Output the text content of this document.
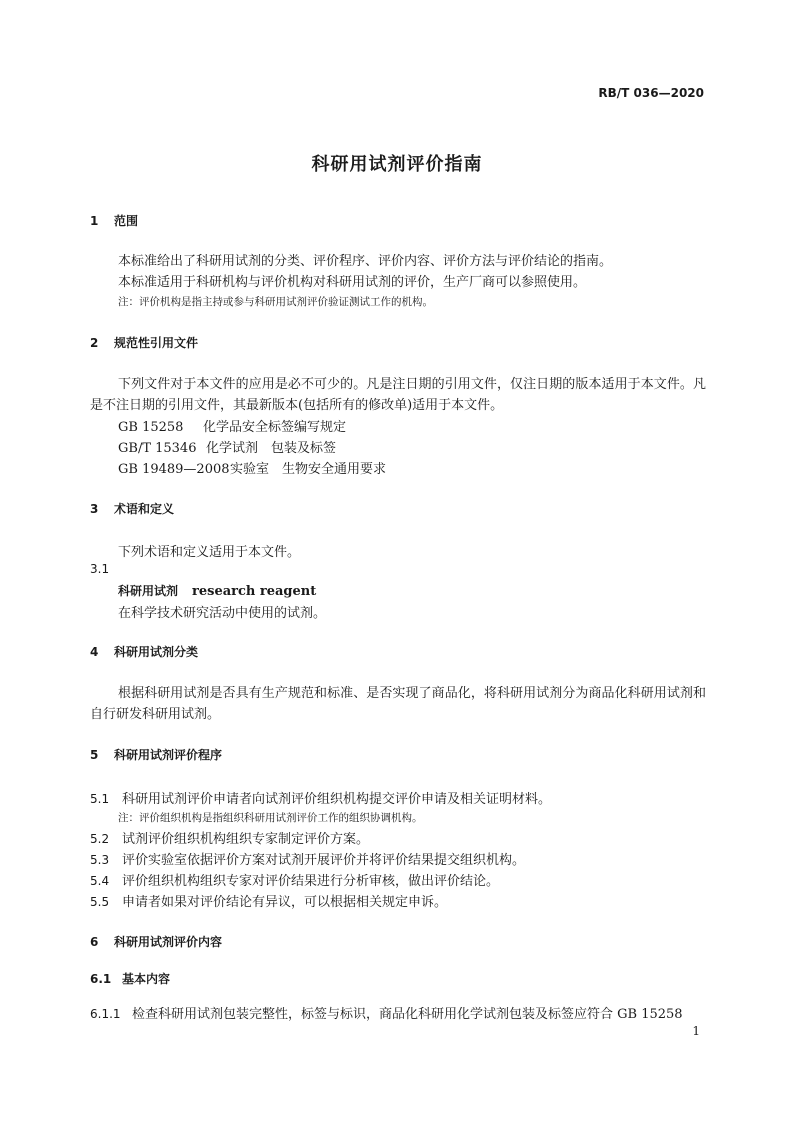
RB/T 036—2020
科研用试剂评价指南
1 范围
本标准给出了科研用试剂的分类、评价程序、评价内容、评价方法与评价结论的指南。
本标准适用于科研机构与评价机构对科研用试剂的评价，生产厂商可以参照使用。
注：评价机构是指主持或参与科研用试剂评价验证测试工作的机构。
2 规范性引用文件
下列文件对于本文件的应用是必不可少的。凡是注日期的引用文件，仅注日期的版本适用于本文件。凡是不注日期的引用文件，其最新版本(包括所有的修改单)适用于本文件。
GB 15258 化学品安全标签编写规定
GB/T 15346 化学试剂　包装及标签
GB 19489—2008实验室　生物安全通用要求
3 术语和定义
下列术语和定义适用于本文件。
3.1
科研用试剂 research reagent
在科学技术研究活动中使用的试剂。
4 科研用试剂分类
根据科研用试剂是否具有生产规范和标准、是否实现了商品化，将科研用试剂分为商品化科研用试剂和自行研发科研用试剂。
5 科研用试剂评价程序
5.1 科研用试剂评价申请者向试剂评价组织机构提交评价申请及相关证明材料。
注：评价组织机构是指组织科研用试剂评价工作的组织协调机构。
5.2 试剂评价组织机构组织专家制定评价方案。
5.3 评价实验室依据评价方案对试剂开展评价并将评价结果提交组织机构。
5.4 评价组织机构组织专家对评价结果进行分析审核，做出评价结论。
5.5 申请者如果对评价结论有异议，可以根据相关规定申诉。
6 科研用试剂评价内容
6.1 基本内容
6.1.1 检查科研用试剂包装完整性，标签与标识，商品化科研用化学试剂包装及标签应符合 GB 15258
1
